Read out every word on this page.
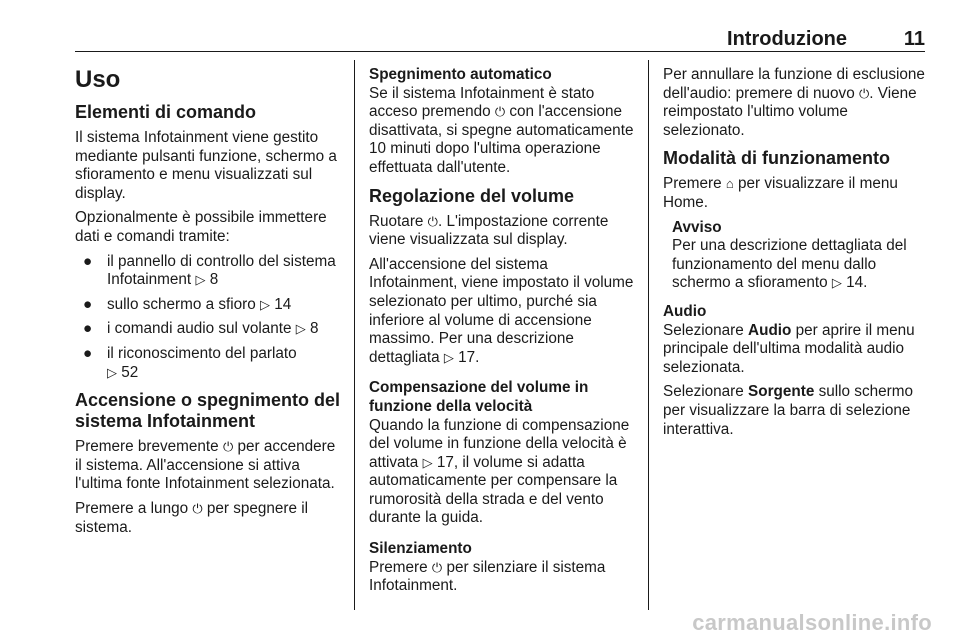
Introduzione	11
Uso
Elementi di comando

Il sistema Infotainment viene gestito mediante pulsanti funzione, schermo a sfioramento e menu visualizzati sul display.

Opzionalmente è possibile immettere dati e comandi tramite:

● il pannello di controllo del sistema Infotainment ▷ 8
● sullo schermo a sfioro ▷ 14
● i comandi audio sul volante ▷ 8
● il riconoscimento del parlato
▷ 52
Accensione o spegnimento del sistema Infotainment

Premere brevemente ⏻ per accendere il sistema. All'accensione si attiva l'ultima fonte Infotainment selezionata.

Premere a lungo ⏻ per spegnere il sistema.

Spegnimento automatico

Se il sistema Infotainment è stato acceso premendo ⏻ con l'accensione disattivata, si spegne automaticamente 10 minuti dopo l'ultima operazione effettuata dall'utente.

Regolazione del volume

Ruotare ⏻. L'impostazione corrente viene visualizzata sul display.

All'accensione del sistema Infotainment, viene impostato il volume selezionato per ultimo, purché sia inferiore al volume di accensione massimo. Per una descrizione dettagliata ▷ 17.

Compensazione del volume in funzione della velocità

Quando la funzione di compensazione del volume in funzione della velocità è attivata ▷ 17, il volume si adatta automaticamente per compensare la rumorosità della strada e del vento durante la guida.

Silenziamento

Premere ⏻ per silenziare il sistema Infotainment.

Per annullare la funzione di esclusione dell'audio: premere di nuovo ⏻. Viene reimpostato l'ultimo volume selezionato.

Modalità di funzionamento

Premere ⌂ per visualizzare il menu Home.

Avviso
Per una descrizione dettagliata del funzionamento del menu dallo schermo a sfioramento ▷ 14.
Audio

Selezionare Audio per aprire il menu principale dell'ultima modalità audio selezionata.

Selezionare Sorgente sullo schermo per visualizzare la barra di selezione interattiva.

carmanualsonline.info
